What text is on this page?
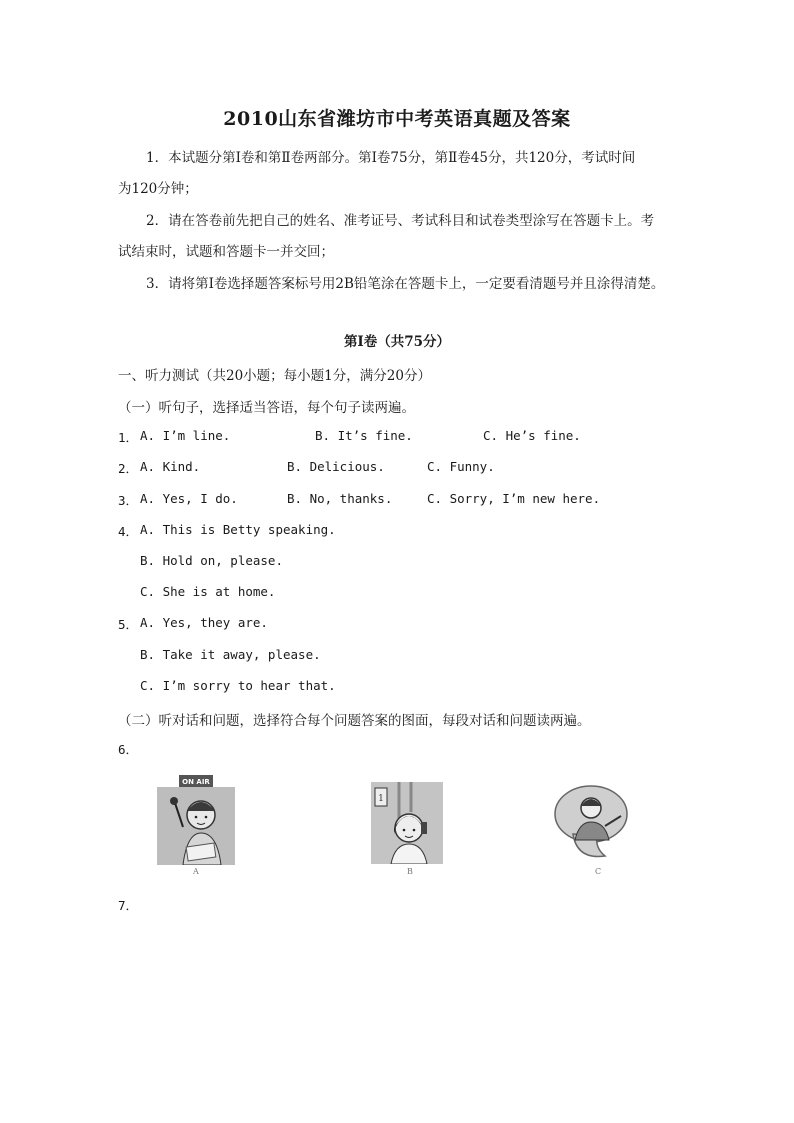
2010山东省潍坊市中考英语真题及答案
1．本试题分第Ⅰ卷和第Ⅱ卷两部分。第Ⅰ卷75分，第Ⅱ卷45分，共120分，考试时间
为120分钟；
2．请在答卷前先把自己的姓名、准考证号、考试科目和试卷类型涂写在答题卡上。考
试结束时，试题和答题卡一并交回；
3．请将第Ⅰ卷选择题答案标号用2B铅笔涂在答题卡上，一定要看清题号并且涂得清楚。
第Ⅰ卷（共75分）
一、听力测试（共20小题；每小题1分，满分20分）
（一）听句子，选择适当答语，每个句子读两遍。
1． A. I’m line.	B. It’s fine.	C. He’s fine.
2． A. Kind.	B. Delicious.	C. Funny.
3． A. Yes, I do.	B. No, thanks.	C. Sorry, I’m new here.
4． A. This is Betty speaking.
B. Hold on, please.
C. She is at home.
5． A. Yes, they are.
B. Take it away, please.
C. I’m sorry to hear that.
（二）听对话和问题，选择符合每个问题答案的图面，每段对话和问题读两遍。
6．
ON AIR
A
1
B	C
7．
